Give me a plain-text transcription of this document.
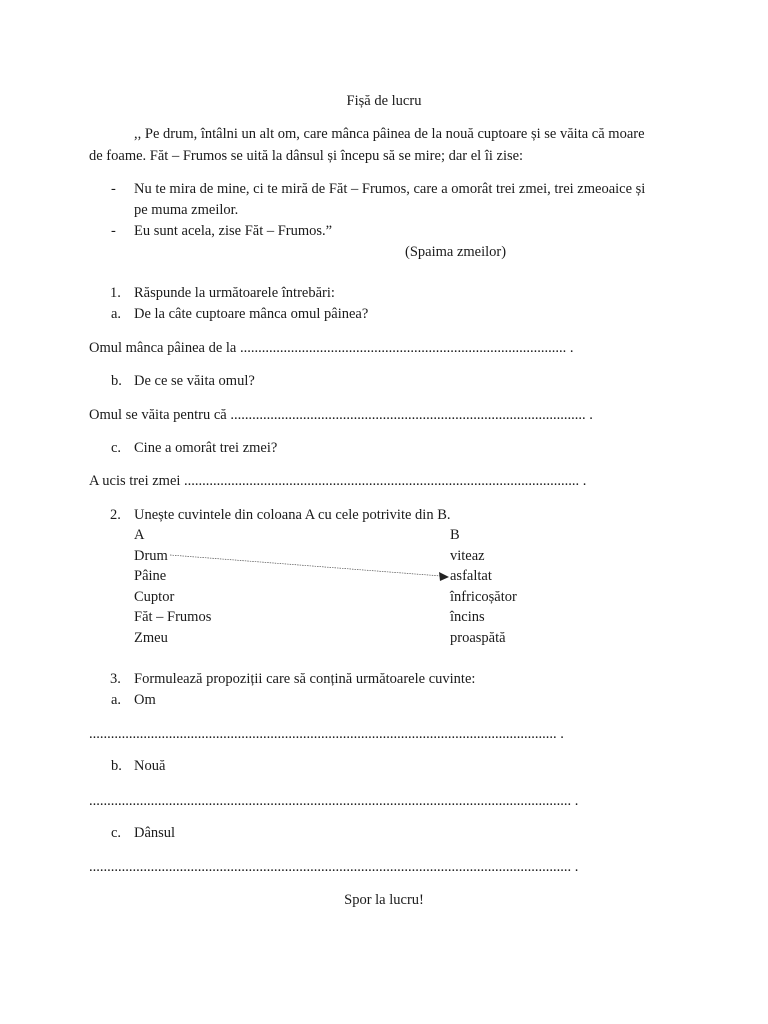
Fișă de lucru
,, Pe drum, întâlni un alt om, care mânca pâinea de la nouă cuptoare și se văita că moare
de foame. Făt – Frumos se uită la dânsul și începu să se mire; dar el îi zise:
- Nu te mira de mine, ci te miră de Făt – Frumos, care a omorât trei zmei, trei zmeoaice și
pe muma zmeilor.
- Eu sunt acela, zise Făt – Frumos.”
(Spaima zmeilor)
1. Răspunde la următoarele întrebări:
a. De la câte cuptoare mânca omul pâinea?
Omul mânca pâinea de la .......................................................................................... .
b. De ce se văita omul?
Omul se văita pentru că .................................................................................................. .
c. Cine a omorât trei zmei?
A ucis trei zmei ............................................................................................................. .
2. Unește cuvintele din coloana A cu cele potrivite din B.
A	B
Drum
Pâine
Cuptor
Făt – Frumos
Zmeu
viteaz
asfaltat
înfricoșător
încins
proaspătă
3. Formulează propoziții care să conțină următoarele cuvinte:
a. Om
................................................................................................................................. .
b. Nouă
..................................................................................................................................... .
c. Dânsul
..................................................................................................................................... .
Spor la lucru!
